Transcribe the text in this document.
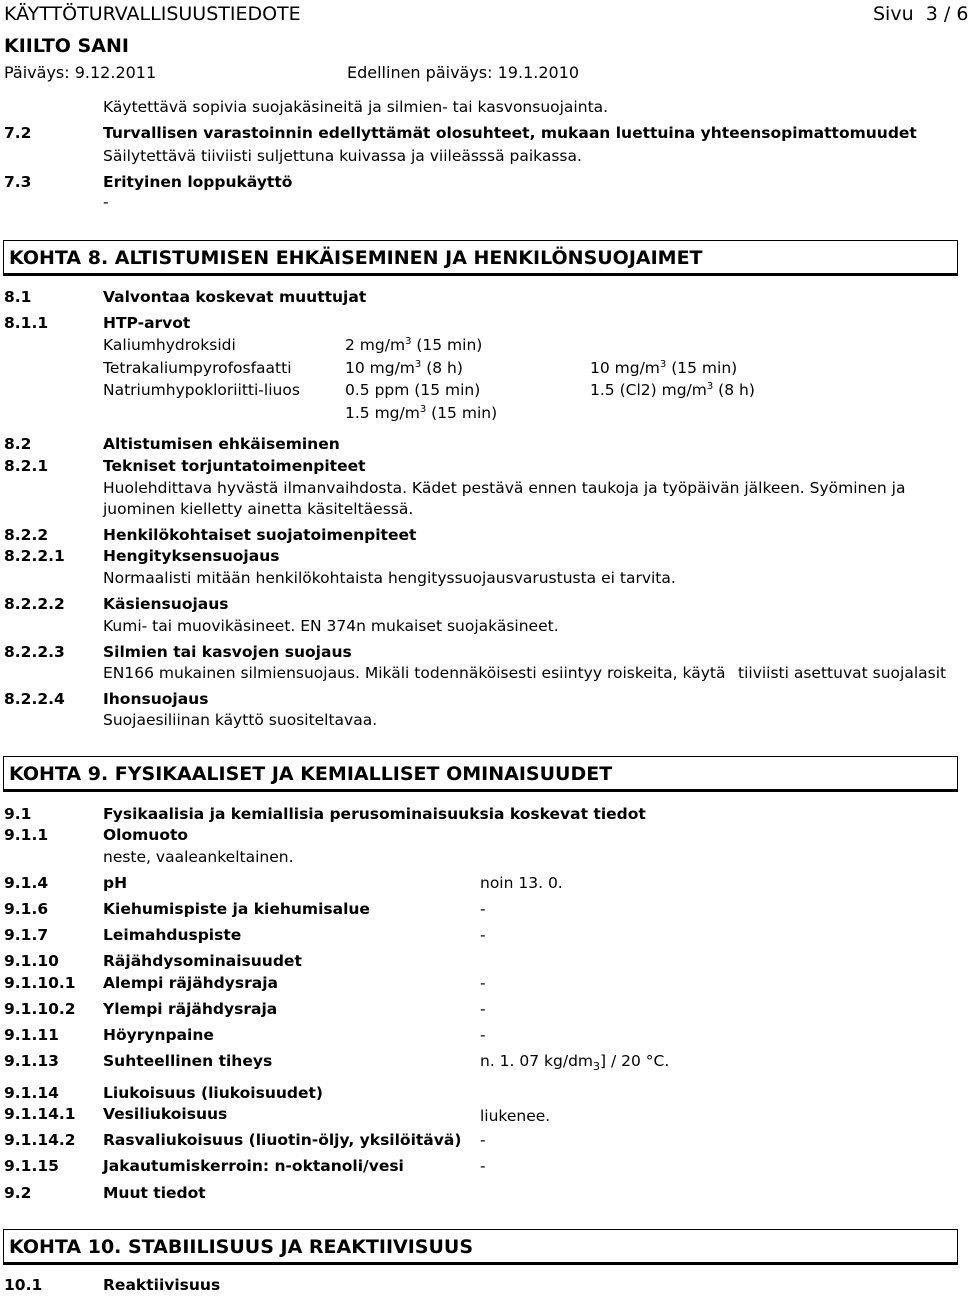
KÄYTTÖTURVALLISUUSTIEDOTE	Sivu 3 / 6
KIILTO SANI
Päiväys: 9.12.2011	Edellinen päiväys: 19.1.2010
Käytettävä sopivia suojakäsineitä ja silmien- tai kasvonsuojainta.
7.2	Turvallisen varastoinnin edellyttämät olosuhteet, mukaan luettuina yhteensopimattomuudet
Säilytettävä tiiviisti suljettuna kuivassa ja viileässsä paikassa.
7.3	Erityinen loppukäyttö
-
KOHTA 8. ALTISTUMISEN EHKÄISEMINEN JA HENKILÖNSUOJAIMET
8.1	Valvontaa koskevat muuttujat
8.1.1	HTP-arvot
Kaliumhydroksidi	2 $mg/m^3$ (15 min)
Tetrakaliumpyrofosfaatti	10 $mg/m^3$ (8 h)	10 $mg/m^3$ (15 min)
Natriumhypokloriitti-liuos	0.5 ppm (15 min)	1.5 (Cl2) $mg/m^3$ (8 h)
1.5 $mg/m^3$ (15 min)
8.2	Altistumisen ehkäiseminen
8.2.1	Tekniset torjuntatoimenpiteet
Huolehdittava hyvästä ilmanvaihdosta. Kädet pestävä ennen taukoja ja työpäivän jälkeen. Syöminen ja
juominen kielletty ainetta käsiteltäessä.
8.2.2	Henkilökohtaiset suojatoimenpiteet
8.2.2.1 Hengityksensuojaus
Normaalisti mitään henkilökohtaista hengityssuojausvarustusta ei tarvita.
8.2.2.2 Käsiensuojaus
Kumi- tai muovikäsineet. EN 374n mukaiset suojakäsineet.
8.2.2.3 Silmien tai kasvojen suojaus
EN166 mukainen silmiensuojaus. Mikäli todennäköisesti esiintyy roiskeita, käytä tiiviisti asettuvat suojalasit
8.2.2.4 Ihonsuojaus
Suojaesiliinan käyttö suositeltavaa.
KOHTA 9. FYSIKAALISET JA KEMIALLISET OMINAISUUDET
9.1	Fysikaalisia ja kemiallisia perusominaisuuksia koskevat tiedot
9.1.1	Olomuoto
neste, vaaleankeltainen.
9.1.4	pH	noin 13. 0.
9.1.6	Kiehumispiste ja kiehumisalue	-
9.1.7	Leimahduspiste	-
9.1.10	Räjähdysominaisuudet
9.1.10.1 Alempi räjähdysraja	-
9.1.10.2 Ylempi räjähdysraja	-
9.1.11	Höyrynpaine	-
9.1.13	Suhteellinen tiheys	n. 1. 07 $kg/dm_3] / 20$ °C.
9.1.14	Liukoisuus (liukoisuudet)
9.1.14.1 Vesiliukoisuus	liukenee.
9.1.14.2 Rasvaliukoisuus (liuotin-öljy, yksilöitävä) -
9.1.15	Jakautumiskerroin: n-oktanoli/vesi	-
9.2	Muut tiedot
KOHTA 10. STABIILISUUS JA REAKTIIVISUUS
10.1	Reaktiivisuus
